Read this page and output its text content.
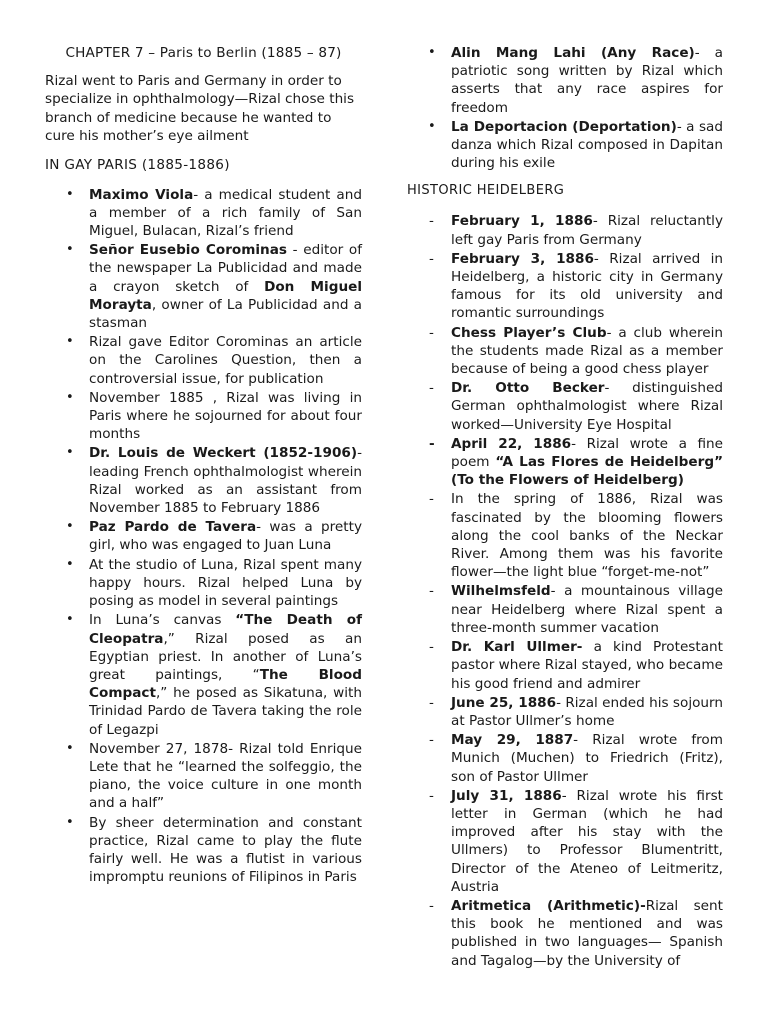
CHAPTER 7 – Paris to Berlin (1885 – 87)

Rizal went to Paris and Germany in order to specialize in ophthalmology—Rizal chose this branch of medicine because he wanted to cure his mother’s eye ailment

IN GAY PARIS (1885-1886)
• Maximo Viola- a medical student and a member of a rich family of San Miguel, Bulacan, Rizal’s friend
• Señor Eusebio Corominas - editor of the newspaper La Publicidad and made a crayon sketch of Don Miguel Morayta, owner of La Publicidad and a stasman
• Rizal gave Editor Corominas an article on the Carolines Question, then a controversial issue, for publication
• November 1885 , Rizal was living in Paris where he sojourned for about four months
• Dr. Louis de Weckert (1852-1906)- leading French ophthalmologist wherein Rizal worked as an assistant from November 1885 to February 1886
• Paz Pardo de Tavera- was a pretty girl, who was engaged to Juan Luna
• At the studio of Luna, Rizal spent many happy hours. Rizal helped Luna by posing as model in several paintings
• In Luna’s canvas “The Death of Cleopatra,” Rizal posed as an Egyptian priest. In another of Luna’s great paintings, “The Blood Compact,” he posed as Sikatuna, with Trinidad Pardo de Tavera taking the role of Legazpi
• November 27, 1878- Rizal told Enrique Lete that he “learned the solfeggio, the piano, the voice culture in one month and a half”
• By sheer determination and constant practice, Rizal came to play the flute fairly well. He was a flutist in various impromptu reunions of Filipinos in Paris
• Alin Mang Lahi (Any Race)- a patriotic song written by Rizal which asserts that any race aspires for freedom
• La Deportacion (Deportation)- a sad danza which Rizal composed in Dapitan during his exile
HISTORIC HEIDELBERG
- February 1, 1886- Rizal reluctantly left gay Paris from Germany
- February 3, 1886- Rizal arrived in Heidelberg, a historic city in Germany famous for its old university and romantic surroundings
- Chess Player’s Club- a club wherein the students made Rizal as a member because of being a good chess player
- Dr. Otto Becker- distinguished German ophthalmologist where Rizal worked—University Eye Hospital
- April 22, 1886- Rizal wrote a fine poem “A Las Flores de Heidelberg” (To the Flowers of Heidelberg)
- In the spring of 1886, Rizal was fascinated by the blooming flowers along the cool banks of the Neckar River. Among them was his favorite flower—the light blue “forget-me-not”
- Wilhelmsfeld- a mountainous village near Heidelberg where Rizal spent a three-month summer vacation
- Dr. Karl Ullmer- a kind Protestant pastor where Rizal stayed, who became his good friend and admirer
- June 25, 1886- Rizal ended his sojourn at Pastor Ullmer’s home
- May 29, 1887- Rizal wrote from Munich (Muchen) to Friedrich (Fritz), son of Pastor Ullmer
- July 31, 1886- Rizal wrote his first letter in German (which he had improved after his stay with the Ullmers) to Professor Blumentritt, Director of the Ateneo of Leitmeritz, Austria
- Aritmetica (Arithmetic)-Rizal sent this book he mentioned and was published in two languages— Spanish and Tagalog—by the University of
